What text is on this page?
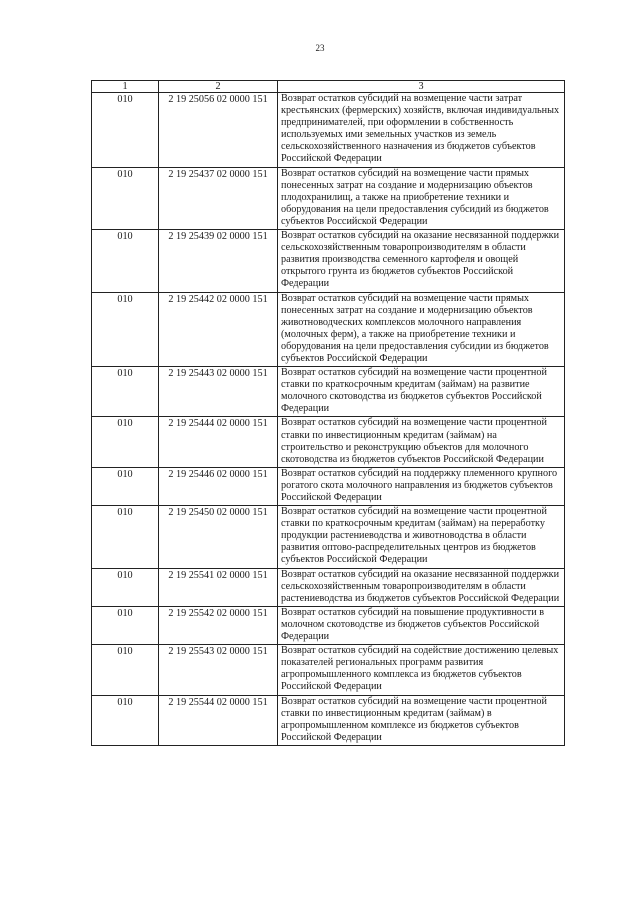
23
1	2	3
010	2 19 25056 02 0000 151	Возврат остатков субсидий на возмещение части затрат крестьянских (фермерских) хозяйств, включая индивидуальных предпринимателей, при оформлении в собственность используемых ими земельных участков из земель сельскохозяйственного назначения из бюджетов субъектов Российской Федерации
010	2 19 25437 02 0000 151	Возврат остатков субсидий на возмещение части прямых понесенных затрат на создание и модернизацию объектов плодохранилищ, а также на приобретение техники и оборудования на цели предоставления субсидий из бюджетов субъектов Российской Федерации
010	2 19 25439 02 0000 151	Возврат остатков субсидий на оказание несвязанной поддержки сельскохозяйственным товаропроизводителям в области развития производства семенного картофеля и овощей открытого грунта из бюджетов субъектов Российской Федерации
010	2 19 25442 02 0000 151	Возврат остатков субсидий на возмещение части прямых понесенных затрат на создание и модернизацию объектов животноводческих комплексов молочного направления (молочных ферм), а также на приобретение техники и оборудования на цели предоставления субсидии из бюджетов субъектов Российской Федерации
010	2 19 25443 02 0000 151	Возврат остатков субсидий на возмещение части процентной ставки по краткосрочным кредитам (займам) на развитие молочного скотоводства из бюджетов субъектов Российской Федерации
010	2 19 25444 02 0000 151	Возврат остатков субсидий на возмещение части процентной ставки по инвестиционным кредитам (займам) на строительство и реконструкцию объектов для молочного скотоводства из бюджетов субъектов Российской Федерации
010	2 19 25446 02 0000 151	Возврат остатков субсидий на поддержку племенного крупного рогатого скота молочного направления из бюджетов субъектов Российской Федерации
010	2 19 25450 02 0000 151	Возврат остатков субсидий на возмещение части процентной ставки по краткосрочным кредитам (займам) на переработку продукции растениеводства и животноводства в области развития оптово-распределительных центров из бюджетов субъектов Российской Федерации
010	2 19 25541 02 0000 151	Возврат остатков субсидий на оказание несвязанной поддержки сельскохозяйственным товаропроизводителям в области растениеводства из бюджетов субъектов Российской Федерации
010	2 19 25542 02 0000 151	Возврат остатков субсидий на повышение продуктивности в молочном скотоводстве из бюджетов субъектов Российской Федерации
010	2 19 25543 02 0000 151	Возврат остатков субсидий на содействие достижению целевых показателей региональных программ развития агропромышленного комплекса из бюджетов субъектов Российской Федерации
010	2 19 25544 02 0000 151	Возврат остатков субсидий на возмещение части процентной ставки по инвестиционным кредитам (займам) в агропромышленном комплексе из бюджетов субъектов Российской Федерации
